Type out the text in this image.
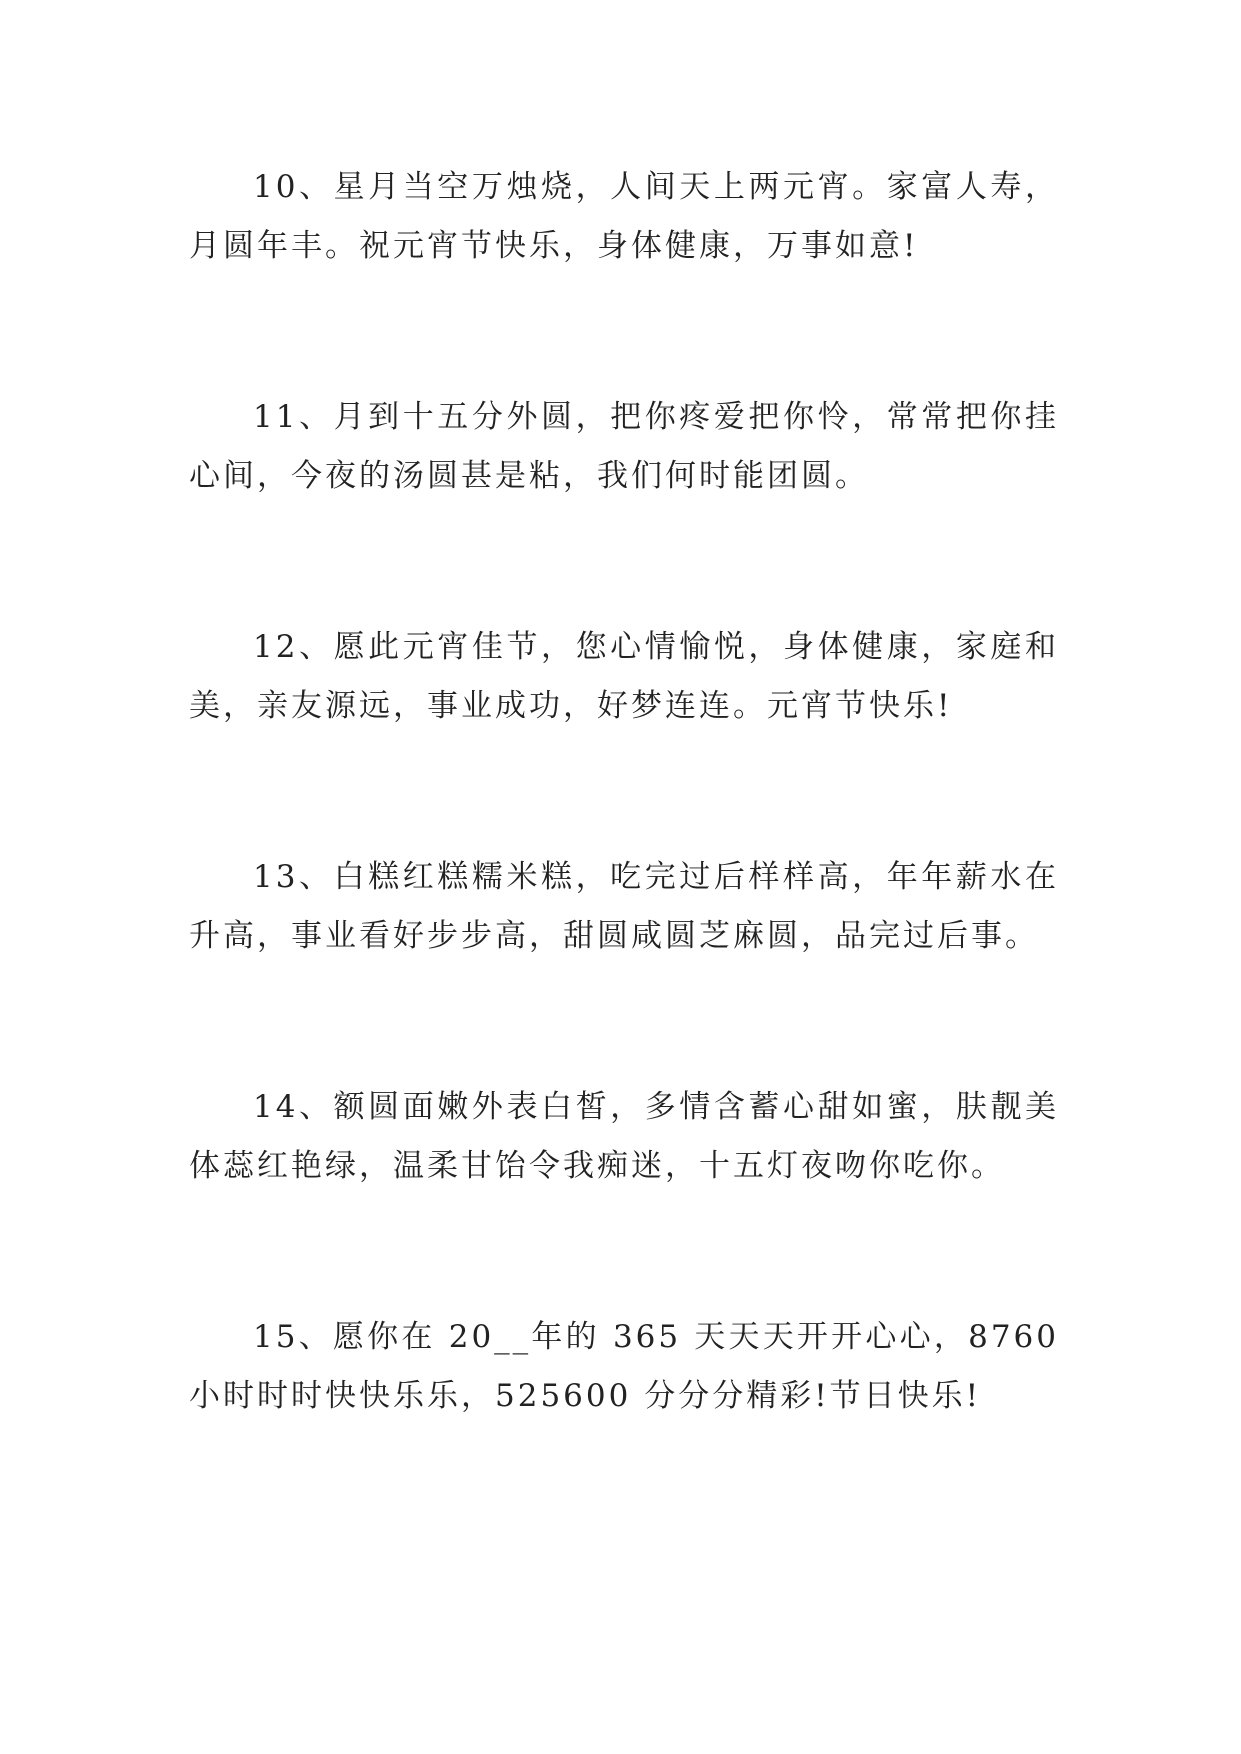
10、星月当空万烛烧，人间天上两元宵。家富人寿，月圆年丰。祝元宵节快乐，身体健康，万事如意!

11、月到十五分外圆，把你疼爱把你怜，常常把你挂心间，今夜的汤圆甚是粘，我们何时能团圆。

12、愿此元宵佳节，您心情愉悦，身体健康，家庭和美，亲友源远，事业成功，好梦连连。元宵节快乐!

13、白糕红糕糯米糕，吃完过后样样高，年年薪水在升高，事业看好步步高，甜圆咸圆芝麻圆，品完过后事。

14、额圆面嫩外表白皙，多情含蓄心甜如蜜，肤靓美体蕊红艳绿，温柔甘饴令我痴迷，十五灯夜吻你吃你。

15、愿你在 20__年的 365 天天天开开心心，8760 小时时时快快乐乐，525600 分分分精彩!节日快乐!
